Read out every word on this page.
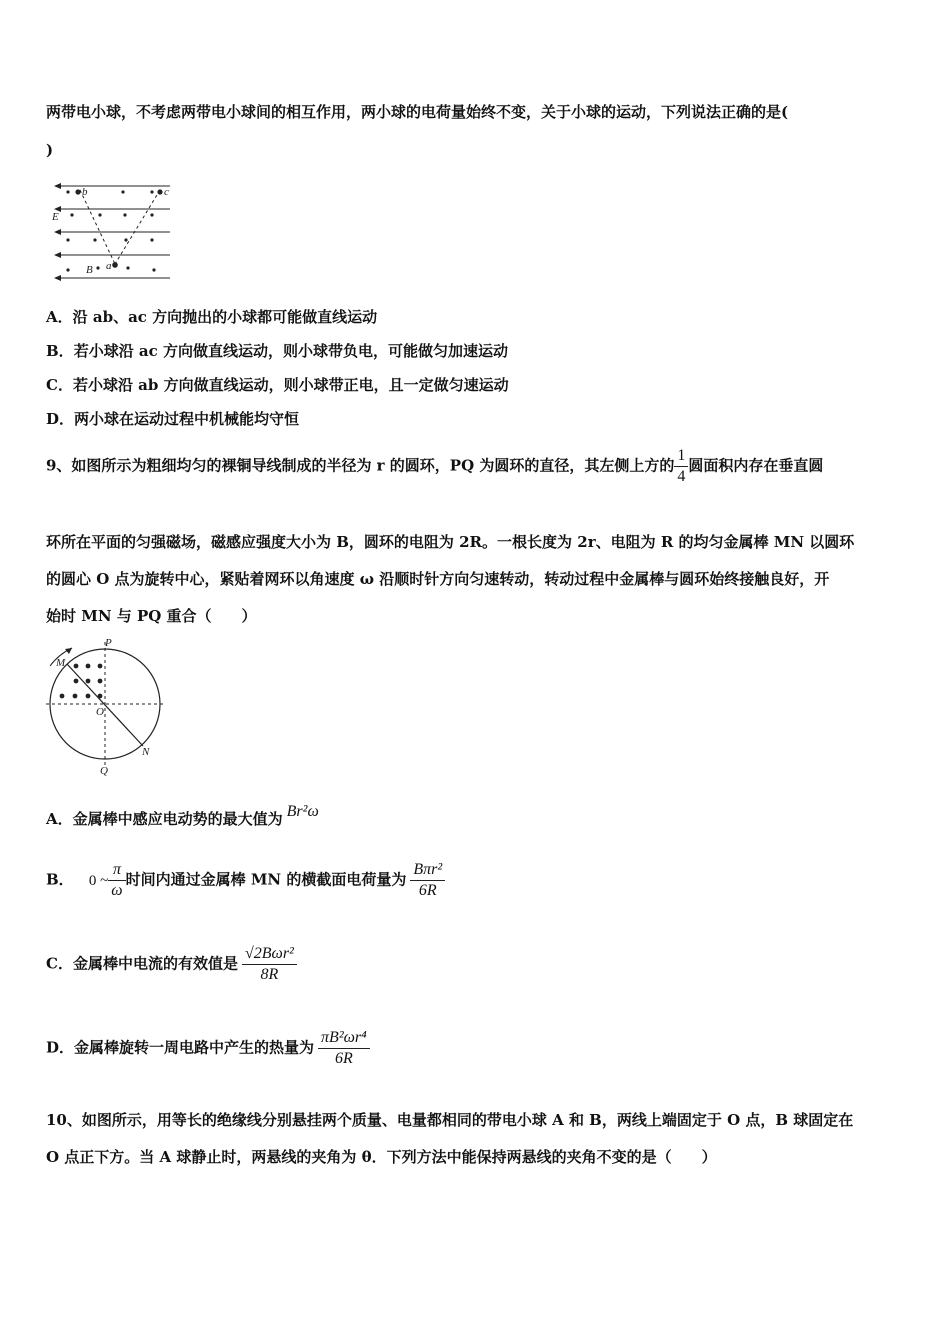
两带电小球，不考虑两带电小球间的相互作用，两小球的电荷量始终不变，关于小球的运动，下列说法正确的是(
)
b	c
E
B a
A．沿 ab、ac 方向抛出的小球都可能做直线运动
B．若小球沿 ac 方向做直线运动，则小球带负电，可能做匀加速运动
C．若小球沿 ab 方向做直线运动，则小球带正电，且一定做匀速运动
D．两小球在运动过程中机械能均守恒
9、如图所示为粗细均匀的裸铜导线制成的半径为 r 的圆环，PQ 为圆环的直径，其左侧上方的 $\frac{1}{4}$ 圆面积内存在垂直圆
环所在平面的匀强磁场，磁感应强度大小为 B，圆环的电阻为 2R。一根长度为 2r、电阻为 R 的均匀金属棒 MN 以圆环
的圆心 O 点为旋转中心，紧贴着网环以角速度 ω 沿顺时针方向匀速转动，转动过程中金属棒与圆环始终接触良好，开
始时 MN 与 PQ 重合（　　）
P
M
O
N
Q
A．金属棒中感应电动势的最大值为 Br²ω
B． 0 ~ $\frac{\pi}{\omega}$ 时间内通过金属棒 MN 的横截面电荷量为 $\frac{\text{Bπr²}}{6R}$
C．金属棒中电流的有效值是 $\frac{\text{√2Bωr²}}{8R}$
D．金属棒旋转一周电路中产生的热量为 $\frac{\text{πB²ωr⁴}}{6R}$
10、如图所示，用等长的绝缘线分别悬挂两个质量、电量都相同的带电小球 A 和 B，两线上端固定于 O 点，B 球固定在
O 点正下方。当 A 球静止时，两悬线的夹角为 θ．下列方法中能保持两悬线的夹角不变的是（　　）
